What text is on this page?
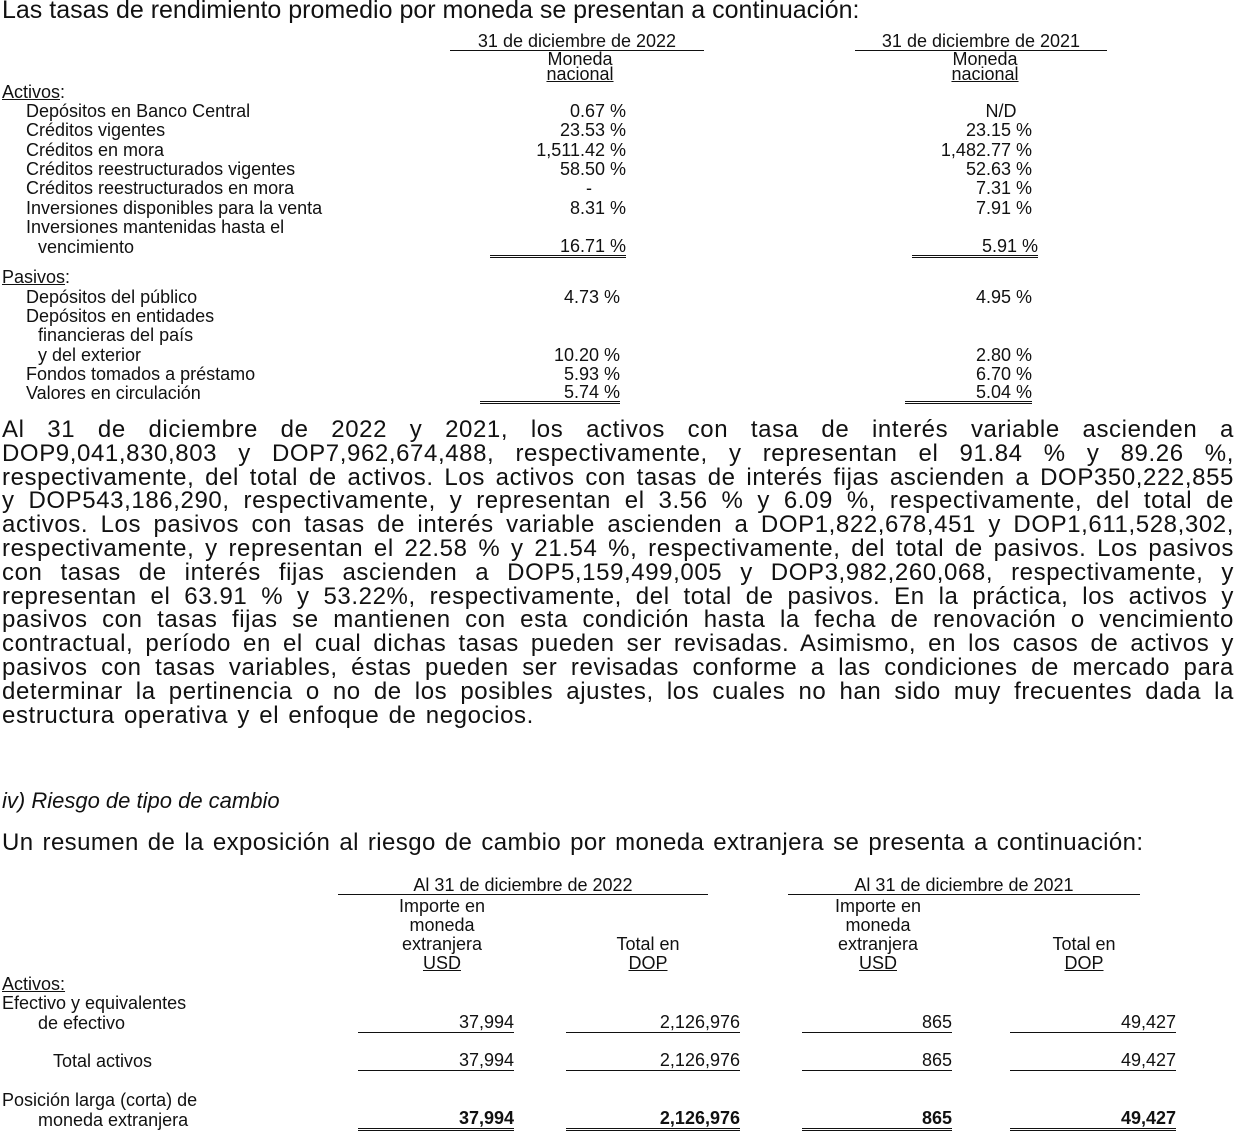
Las tasas de rendimiento promedio por moneda se presentan a continuación:
31 de diciembre de 2022	31 de diciembre de 2021
Moneda
nacional
Moneda
nacional
Activos:
Depósitos en Banco Central	0.67 %	N/D
Créditos vigentes	23.53 %	23.15 %
Créditos en mora	1,511.42 %	1,482.77 %
Créditos reestructurados vigentes	58.50 %	52.63 %
Créditos reestructurados en mora	-	7.31 %
Inversiones disponibles para la venta	8.31 %	7.91 %
Inversiones mantenidas hasta el
vencimiento	16.71 %	5.91 %
Pasivos:
Depósitos del público	4.73 %	4.95 %
Depósitos en entidades
financieras del país
y del exterior	10.20 %	2.80 %
Fondos tomados a préstamo	5.93 %	6.70 %
Valores en circulación	5.74 %	5.04 %
Al 31 de diciembre de 2022 y 2021, los activos con tasa de interés variable ascienden a DOP9,041,830,803 y DOP7,962,674,488, respectivamente, y representan el 91.84 % y 89.26 %, respectivamente, del total de activos. Los activos con tasas de interés fijas ascienden a DOP350,222,855 y DOP543,186,290, respectivamente, y representan el 3.56 % y 6.09 %, respectivamente, del total de activos. Los pasivos con tasas de interés variable ascienden a DOP1,822,678,451 y DOP1,611,528,302, respectivamente, y representan el 22.58 % y 21.54 %, respectivamente, del total de pasivos. Los pasivos con tasas de interés fijas ascienden a DOP5,159,499,005 y DOP3,982,260,068, respectivamente, y representan el 63.91 % y 53.22%, respectivamente, del total de pasivos. En la práctica, los activos y pasivos con tasas fijas se mantienen con esta condición hasta la fecha de renovación o vencimiento contractual, período en el cual dichas tasas pueden ser revisadas. Asimismo, en los casos de activos y pasivos con tasas variables, éstas pueden ser revisadas conforme a las condiciones de mercado para determinar la pertinencia o no de los posibles ajustes, los cuales no han sido muy frecuentes dada la estructura operativa y el enfoque de negocios.
iv) Riesgo de tipo de cambio
Un resumen de la exposición al riesgo de cambio por moneda extranjera se presenta a continuación:
Al 31 de diciembre de 2022	Al 31 de diciembre de 2021
Importe en
moneda
extranjera
USD
Total en
DOP
Importe en
moneda
extranjera
USD
Total en
DOP
Activos:
Efectivo y equivalentes
de efectivo	37,994	2,126,976	865	49,427
Total activos	37,994	2,126,976	865	49,427
Posición larga (corta) de
moneda extranjera	37,994	2,126,976	865	49,427
